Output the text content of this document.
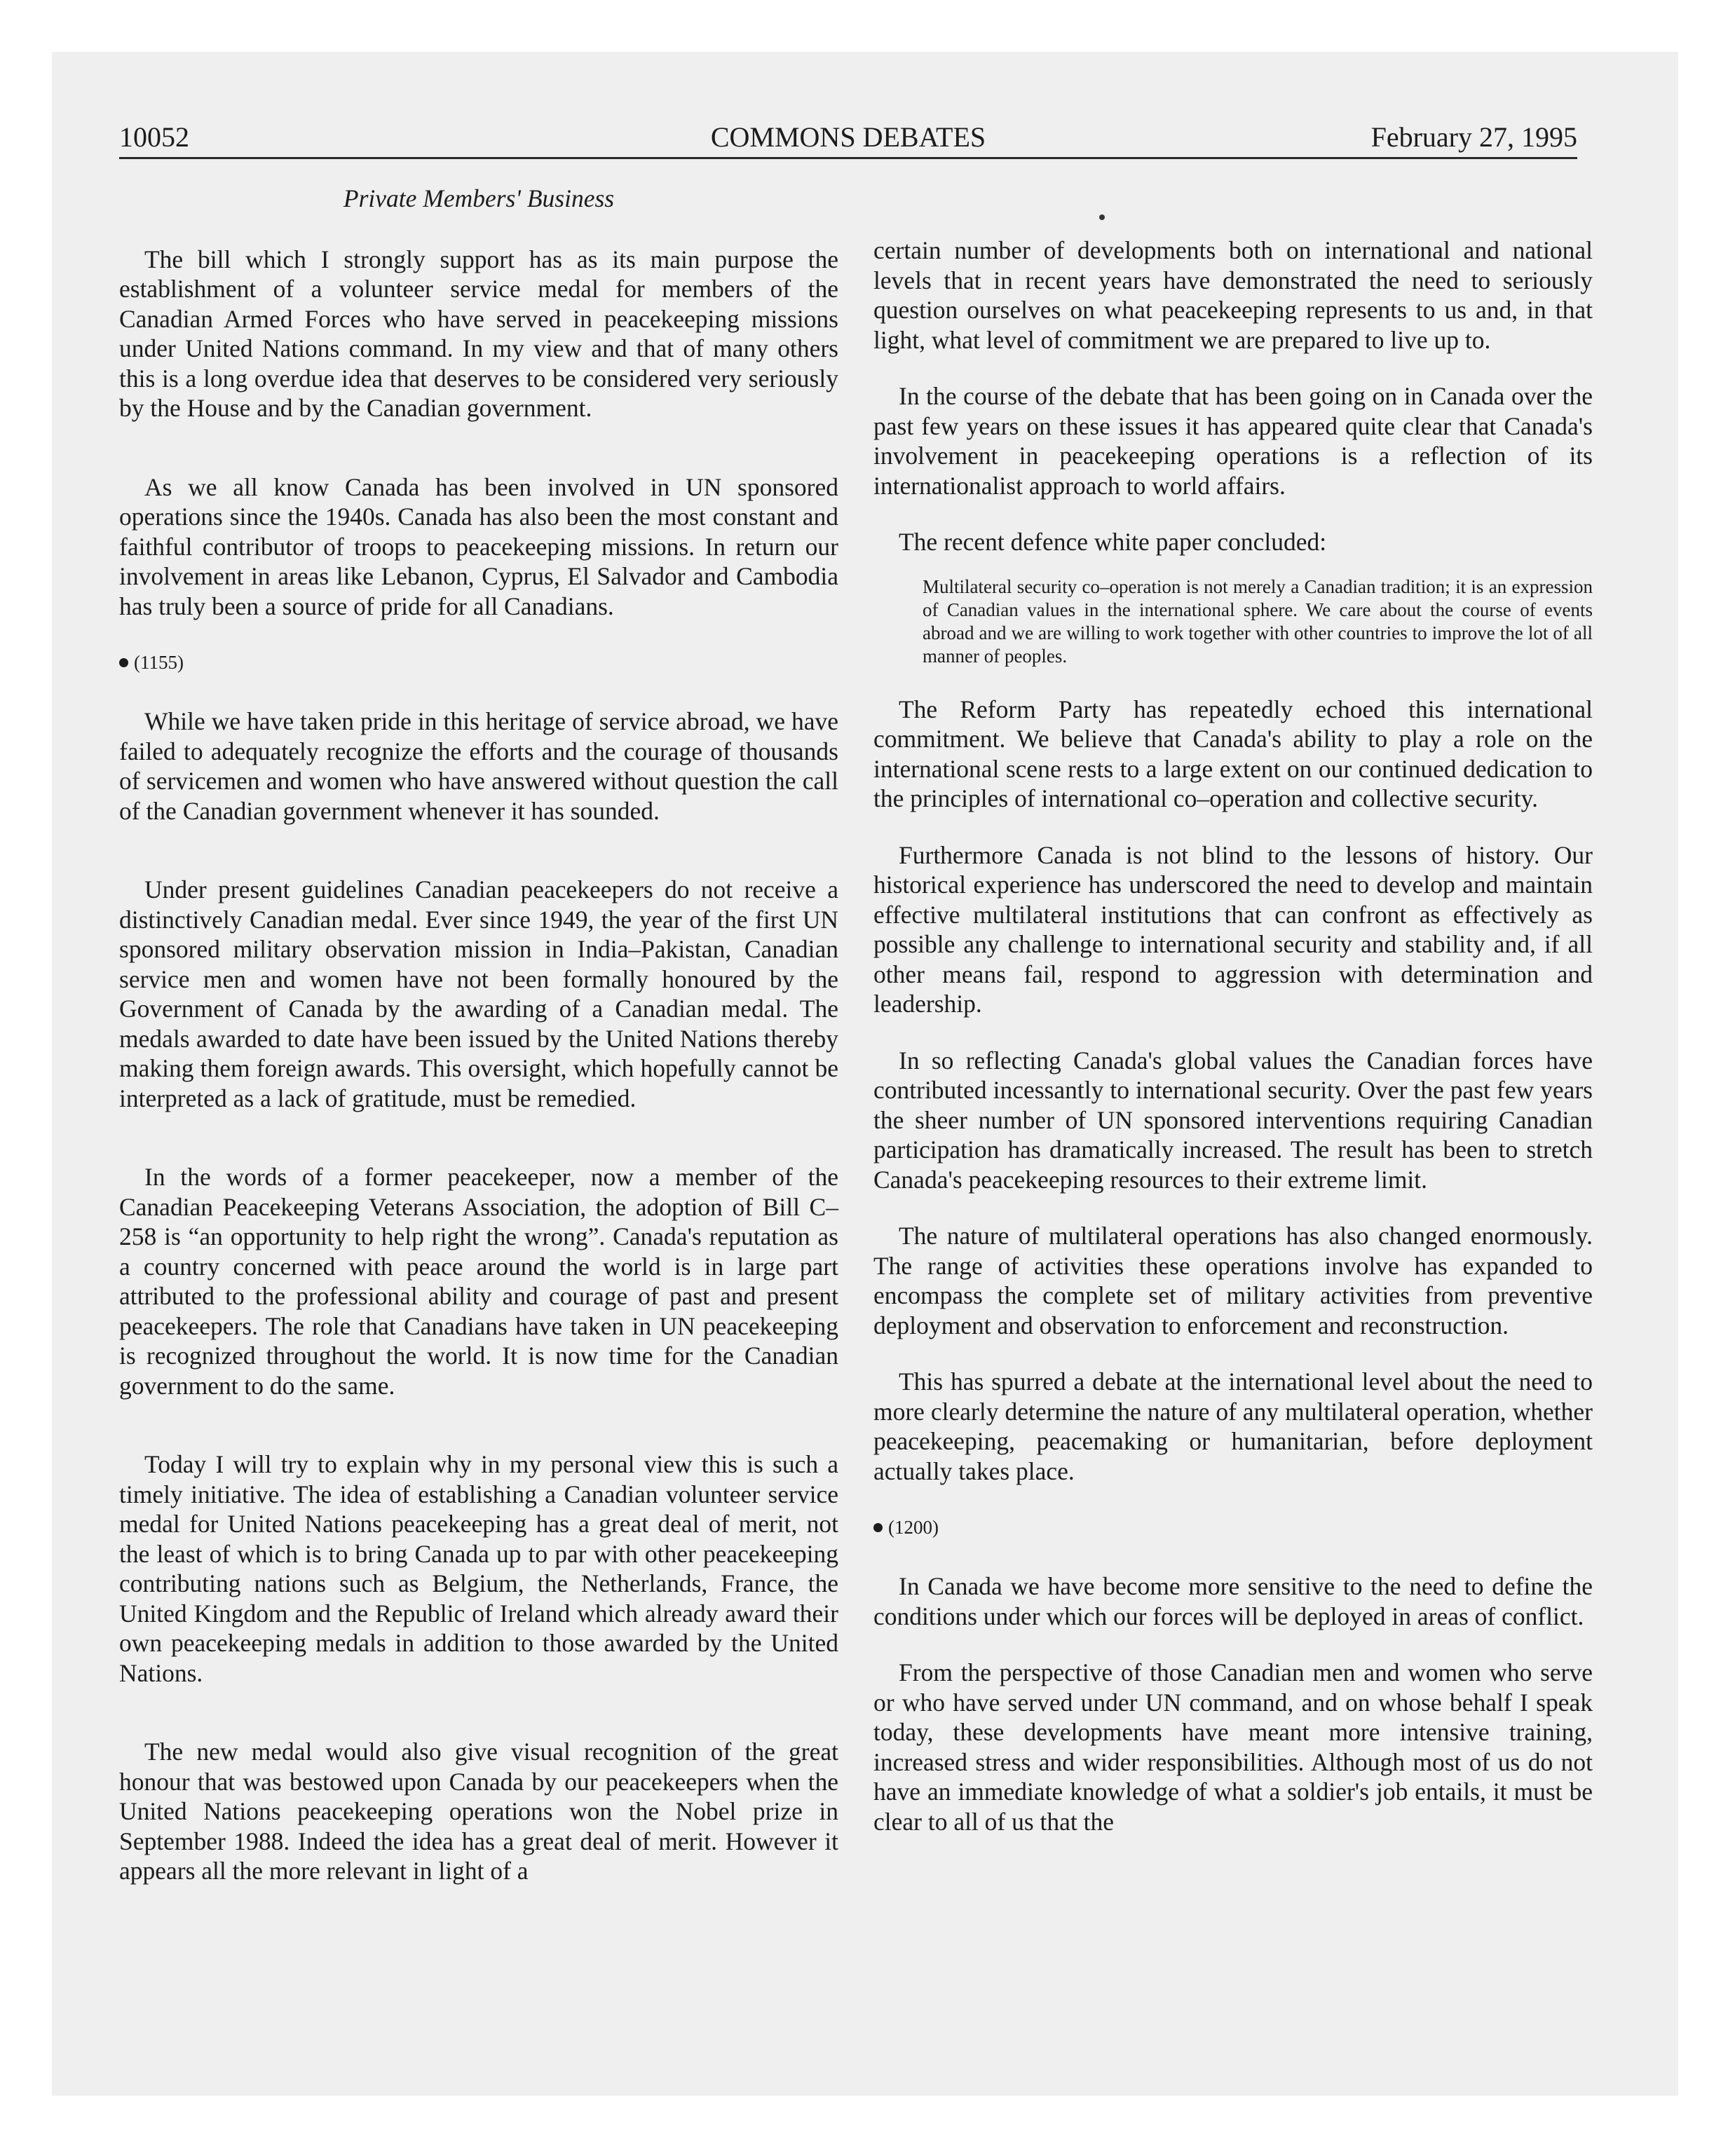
10052	COMMONS DEBATES	February 27, 1995
Private Members' Business

The bill which I strongly support has as its main purpose the establishment of a volunteer service medal for members of the Canadian Armed Forces who have served in peacekeeping missions under United Nations command. In my view and that of many others this is a long overdue idea that deserves to be considered very seriously by the House and by the Canadian government.

As we all know Canada has been involved in UN sponsored operations since the 1940s. Canada has also been the most constant and faithful contributor of troops to peacekeeping missions. In return our involvement in areas like Lebanon, Cyprus, El Salvador and Cambodia has truly been a source of pride for all Canadians.

(1155)

While we have taken pride in this heritage of service abroad, we have failed to adequately recognize the efforts and the courage of thousands of servicemen and women who have answered without question the call of the Canadian government whenever it has sounded.

Under present guidelines Canadian peacekeepers do not receive a distinctively Canadian medal. Ever since 1949, the year of the first UN sponsored military observation mission in India–Pakistan, Canadian service men and women have not been formally honoured by the Government of Canada by the awarding of a Canadian medal. The medals awarded to date have been issued by the United Nations thereby making them foreign awards. This oversight, which hopefully cannot be interpreted as a lack of gratitude, must be remedied.

In the words of a former peacekeeper, now a member of the Canadian Peacekeeping Veterans Association, the adoption of Bill C–258 is “an opportunity to help right the wrong”. Canada's reputation as a country concerned with peace around the world is in large part attributed to the professional ability and courage of past and present peacekeepers. The role that Canadians have taken in UN peacekeeping is recognized throughout the world. It is now time for the Canadian government to do the same.

Today I will try to explain why in my personal view this is such a timely initiative. The idea of establishing a Canadian volunteer service medal for United Nations peacekeeping has a great deal of merit, not the least of which is to bring Canada up to par with other peacekeeping contributing nations such as Belgium, the Netherlands, France, the United Kingdom and the Republic of Ireland which already award their own peacekeeping medals in addition to those awarded by the United Nations.

The new medal would also give visual recognition of the great honour that was bestowed upon Canada by our peacekeepers when the United Nations peacekeeping operations won the Nobel prize in September 1988. Indeed the idea has a great deal of merit. However it appears all the more relevant in light of a

certain number of developments both on international and national levels that in recent years have demonstrated the need to seriously question ourselves on what peacekeeping represents to us and, in that light, what level of commitment we are prepared to live up to.

In the course of the debate that has been going on in Canada over the past few years on these issues it has appeared quite clear that Canada's involvement in peacekeeping operations is a reflection of its internationalist approach to world affairs.

The recent defence white paper concluded:

Multilateral security co–operation is not merely a Canadian tradition; it is an expression of Canadian values in the international sphere. We care about the course of events abroad and we are willing to work together with other countries to improve the lot of all manner of peoples.

The Reform Party has repeatedly echoed this international commitment. We believe that Canada's ability to play a role on the international scene rests to a large extent on our continued dedication to the principles of international co–operation and collective security.

Furthermore Canada is not blind to the lessons of history. Our historical experience has underscored the need to develop and maintain effective multilateral institutions that can confront as effectively as possible any challenge to international security and stability and, if all other means fail, respond to aggression with determination and leadership.

In so reflecting Canada's global values the Canadian forces have contributed incessantly to international security. Over the past few years the sheer number of UN sponsored interventions requiring Canadian participation has dramatically increased. The result has been to stretch Canada's peacekeeping resources to their extreme limit.

The nature of multilateral operations has also changed enormously. The range of activities these operations involve has expanded to encompass the complete set of military activities from preventive deployment and observation to enforcement and reconstruction.

This has spurred a debate at the international level about the need to more clearly determine the nature of any multilateral operation, whether peacekeeping, peacemaking or humanitarian, before deployment actually takes place.

(1200)

In Canada we have become more sensitive to the need to define the conditions under which our forces will be deployed in areas of conflict.

From the perspective of those Canadian men and women who serve or who have served under UN command, and on whose behalf I speak today, these developments have meant more intensive training, increased stress and wider responsibilities. Although most of us do not have an immediate knowledge of what a soldier's job entails, it must be clear to all of us that the
